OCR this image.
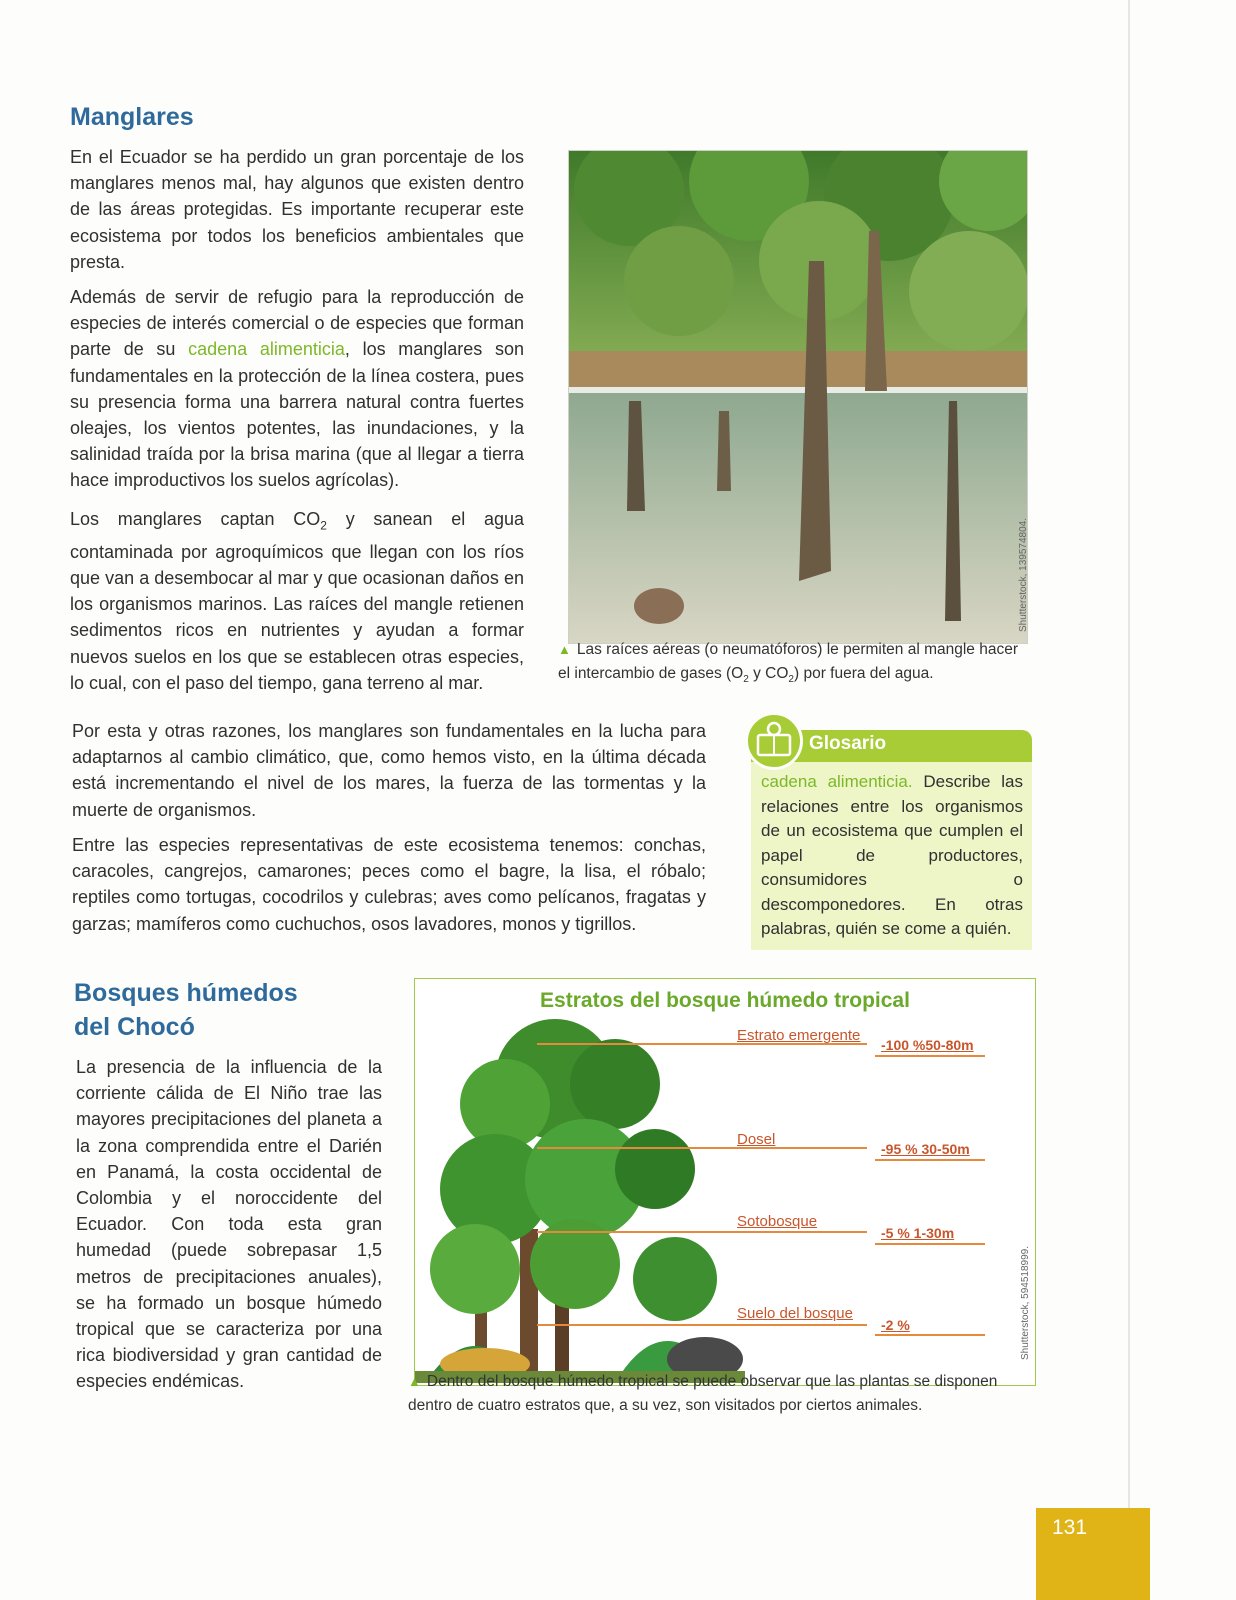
Manglares

En el Ecuador se ha perdido un gran porcentaje de los manglares menos mal, hay algunos que existen dentro de las áreas protegidas. Es importante recuperar este ecosistema por todos los beneficios ambientales que presta.

Además de servir de refugio para la reproducción de especies de interés comercial o de especies que forman parte de su cadena alimenticia, los manglares son fundamentales en la protección de la línea costera, pues su presencia forma una barrera natural contra fuertes oleajes, los vientos potentes, las inundaciones, y la salinidad traída por la brisa marina (que al llegar a tierra hace improductivos los suelos agrícolas).

Los manglares captan $CO_2$ y sanean el agua contaminada por agroquímicos que llegan con los ríos que van a desembocar al mar y que ocasionan daños en los organismos marinos. Las raíces del mangle retienen sedimentos ricos en nutrientes y ayudan a formar nuevos suelos en los que se establecen otras especies, lo cual, con el paso del tiempo, gana terreno al mar.

Por esta y otras razones, los manglares son fundamentales en la lucha para adaptarnos al cambio climático, que, como hemos visto, en la última década está incrementando el nivel de los mares, la fuerza de las tormentas y la muerte de organismos.

Entre las especies representativas de este ecosistema tenemos: conchas, caracoles, cangrejos, camarones; peces como el bagre, la lisa, el róbalo; reptiles como tortugas, cocodrilos y culebras; aves como pelícanos, fragatas y garzas; mamíferos como cuchuchos, osos lavadores, monos y tigrillos.

Shutterstock, 139574804.
▲ Las raíces aéreas (o neumatóforos) le permiten al mangle hacer el intercambio de gases ($O_2$ y $CO_2$) por fuera del agua.
Glosario
cadena alimenticia. Describe las relaciones entre los organismos de un ecosistema que cumplen el papel de productores, consumidores o descomponedores. En otras palabras, quién se come a quién.
Bosques húmedos
del Chocó

La presencia de la influencia de la corriente cálida de El Niño trae las mayores precipitaciones del planeta a la zona comprendida entre el Darién en Panamá, la costa occidental de Colombia y el noroccidente del Ecuador. Con toda esta gran humedad (puede sobrepasar 1,5 metros de precipitaciones anuales), se ha formado un bosque húmedo tropical que se caracteriza por una rica biodiversidad y gran cantidad de especies endémicas.

Estratos del bosque húmedo tropical
Estrato emergente
-100 %50-80m
Dosel
-95 % 30-50m
Sotobosque
-5 % 1-30m
Suelo del bosque
-2 %	Shutterstock, 594518999.
▲ Dentro del bosque húmedo tropical se puede observar que las plantas se disponen dentro de cuatro estratos que, a su vez, son visitados por ciertos animales.
131
